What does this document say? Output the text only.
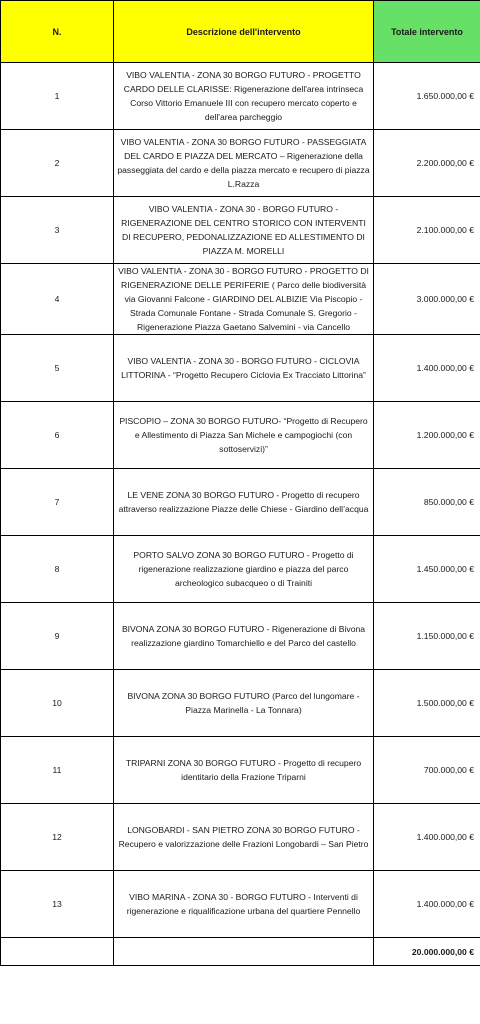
N.	Descrizione dell'intervento	Totale intervento
1	VIBO VALENTIA - ZONA 30 BORGO FUTURO - PROGETTO CARDO DELLE CLARISSE: Rigenerazione dell'area intrinseca Corso Vittorio Emanuele III con recupero mercato coperto e dell'area parcheggio	1.650.000,00 €
2	VIBO VALENTIA - ZONA 30 BORGO FUTURO - PASSEGGIATA DEL CARDO E PIAZZA DEL MERCATO – Rigenerazione della passeggiata del cardo e della piazza mercato e recupero di piazza L.Razza	2.200.000,00 €
3	VIBO VALENTIA - ZONA 30 - BORGO FUTURO - RIGENERAZIONE DEL CENTRO STORICO CON INTERVENTI DI RECUPERO, PEDONALIZZAZIONE ED ALLESTIMENTO DI PIAZZA M. MORELLI	2.100.000,00 €
4	VIBO VALENTIA - ZONA 30 - BORGO FUTURO - PROGETTO DI RIGENERAZIONE DELLE PERIFERIE ( Parco delle biodiversità via Giovanni Falcone - GIARDINO DEL ALBIZIE Via Piscopio - Strada Comunale Fontane - Strada Comunale S. Gregorio - Rigenerazione Piazza Gaetano Salvemini - via Cancello	3.000.000,00 €
5	VIBO VALENTIA - ZONA 30 - BORGO FUTURO - CICLOVIA LITTORINA - “Progetto Recupero Ciclovia Ex Tracciato Littorina”	1.400.000,00 €
6	PISCOPIO – ZONA 30 BORGO FUTURO- “Progetto di Recupero e Allestimento di Piazza San Michele e campogiochi (con sottoservizi)”	1.200.000,00 €
7	LE VENE ZONA 30 BORGO FUTURO - Progetto di recupero attraverso realizzazione Piazze delle Chiese - Giardino dell’acqua	850.000,00 €
8	PORTO SALVO ZONA 30 BORGO FUTURO - Progetto di rigenerazione realizzazione giardino e piazza del parco archeologico subacqueo o di Trainiti	1.450.000,00 €
9	BIVONA ZONA 30 BORGO FUTURO - Rigenerazione di Bivona realizzazione giardino Tomarchiello e del Parco del castello	1.150.000,00 €
10	BIVONA ZONA 30 BORGO FUTURO (Parco del lungomare - Piazza Marinella - La Tonnara)	1.500.000,00 €
11	TRIPARNI ZONA 30 BORGO FUTURO - Progetto di recupero identitario della Frazione Triparni	700.000,00 €
12	LONGOBARDI - SAN PIETRO ZONA 30 BORGO FUTURO - Recupero e valorizzazione delle Frazioni Longobardi – San Pietro	1.400.000,00 €
13	VIBO MARINA - ZONA 30 - BORGO FUTURO - Interventi di rigenerazione e riqualificazione urbana del quartiere Pennello	1.400.000,00 €
		20.000.000,00 €
